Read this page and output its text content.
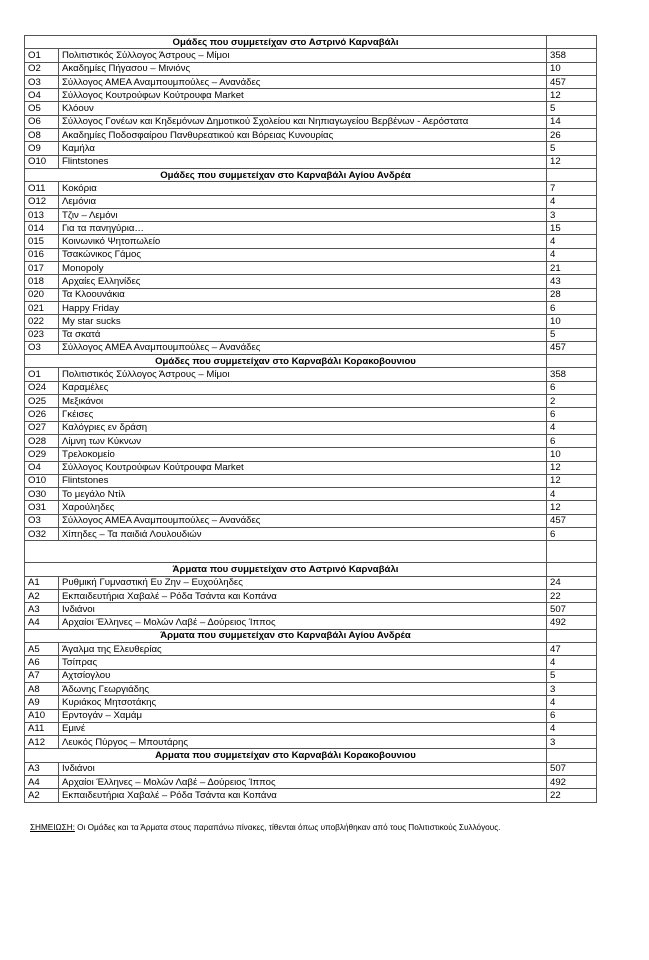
Ομάδες που συμμετείχαν στο Αστρινό Καρναβάλι		
Ο1	Πολιτιστικός Σύλλογος Άστρους – Μίμοι	358
Ο2	Ακαδημίες Πήγασου – Μινιόνς	10
Ο3	Σύλλογος ΑΜΕΑ Αναμπουμπούλες – Ανανάδες	457
Ο4	Σύλλογος Κουτρούφων Κούτρουφα Market	12
Ο5	Κλόουν	5
Ο6	Σύλλογος Γονέων και Κηδεμόνων Δημοτικού Σχολείου και Νηπιαγωγείου Βερβένων - Αερόστατα	14
Ο8	Ακαδημίες Ποδοσφαίρου Πανθυρεατικού και Βόρειας Κυνουρίας	26
Ο9	Καμήλα	5
Ο10	Flintstones	12
Ομάδες που συμμετείχαν στο Καρναβάλι Αγίου Ανδρέα		
Ο11	Κοκόρια	7
Ο12	Λεμόνια	4
013	Τζιν – Λεμόνι	3
014	Για τα πανηγύρια…	15
015	Κοινωνικό Ψητοπωλείο	4
016	Τσακώνικος Γάμος	4
017	Monopoly	21
018	Αρχαίες Ελληνίδες	43
020	Τα Κλοουνάκια	28
021	Happy Friday	6
022	My star sucks	10
023	Τα σκατά	5
Ο3	Σύλλογος ΑΜΕΑ Αναμπουμπούλες – Ανανάδες	457
Ομάδες που συμμετείχαν στο Καρναβάλι Κορακοβουνιου		
Ο1	Πολιτιστικός Σύλλογος Άστρους – Μίμοι	358
Ο24	Καραμέλες	6
Ο25	Μεξικάνοι	2
Ο26	Γκέισες	6
Ο27	Καλόγριες εν δράση	4
Ο28	Λίμνη των Κύκνων	6
Ο29	Τρελοκομείο	10
Ο4	Σύλλογος Κουτρούφων Κούτρουφα Market	12
Ο10	Flintstones	12
Ο30	Το μεγάλο Ντίλ	4
Ο31	Χαρούληδες	12
Ο3	Σύλλογος ΑΜΕΑ Αναμπουμπούλες – Ανανάδες	457
Ο32	Χίπηδες – Τα παιδιά Λουλουδιών	6

Άρματα που συμμετείχαν στο Αστρινό Καρναβάλι		
Α1	Ρυθμική Γυμναστική Ευ Ζην – Ευχούληδες	24
Α2	Εκπαιδευτήρια Χαβαλέ – Ρόδα Τσάντα και Κοπάνα	22
Α3	Ινδιάνοι	507
Α4	Αρχαίοι Έλληνες – Μολών Λαβέ – Δούρειος Ίππος	492
Άρματα που συμμετείχαν στο Καρναβάλι Αγίου Ανδρέα		
Α5	Άγαλμα της Ελευθερίας	47
Α6	Τσίπρας	4
Α7	Αχτσίογλου	5
Α8	Άδωνης Γεωργιάδης	3
Α9	Κυριάκος Μητσοτάκης	4
Α10	Ερντογάν – Χαμάμ	6
Α11	Εμινέ	4
Α12	Λευκός Πύργος – Μπουτάρης	3
Αρματα που συμμετείχαν στο Καρναβάλι Κορακοβουνιου		
Α3	Ινδιάνοι	507
Α4	Αρχαίοι Έλληνες – Μολών Λαβέ – Δούρειος Ίππος	492
Α2	Εκπαιδευτήρια Χαβαλέ – Ρόδα Τσάντα και Κοπάνα	22
ΣΗΜΕΙΩΣΗ: Οι Ομάδες και τα Άρματα στους παραπάνω πίνακες, τίθενται όπως υποβλήθηκαν από τους Πολιτιστικούς Συλλόγους.
